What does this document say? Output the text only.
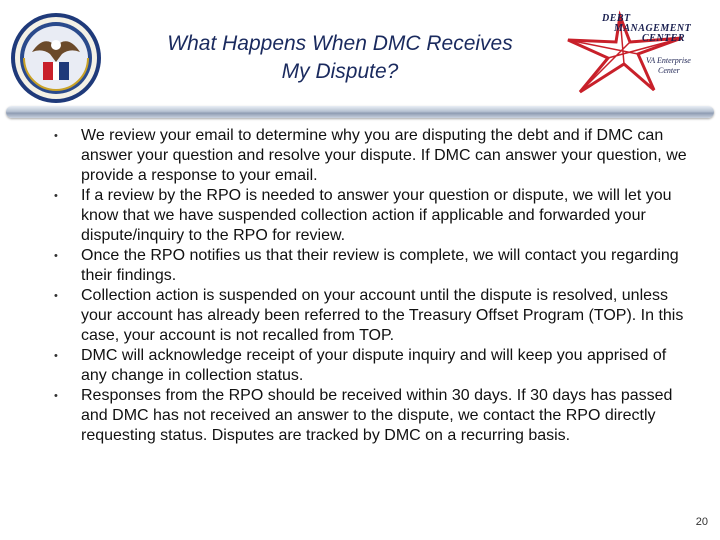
What Happens When DMC Receives
My Dispute?
DEBT
MANAGEMENT
CENTER
VA Enterprise
Center
• We review your email to determine why you are disputing the debt and if DMC can answer your question and resolve your dispute. If DMC can answer your question, we provide a response to your email.
• If a review by the RPO is needed to answer your question or dispute, we will let you know that we have suspended collection action if applicable and forwarded your dispute/inquiry to the RPO for review.
• Once the RPO notifies us that their review is complete, we will contact you regarding their findings.
• Collection action is suspended on your account until the dispute is resolved, unless your account has already been referred to the Treasury Offset Program (TOP). In this case, your account is not recalled from TOP.
• DMC will acknowledge receipt of your dispute inquiry and will keep you apprised of any change in collection status.
• Responses from the RPO should be received within 30 days. If 30 days has passed and DMC has not received an answer to the dispute, we contact the RPO directly requesting status. Disputes are tracked by DMC on a recurring basis.
20
